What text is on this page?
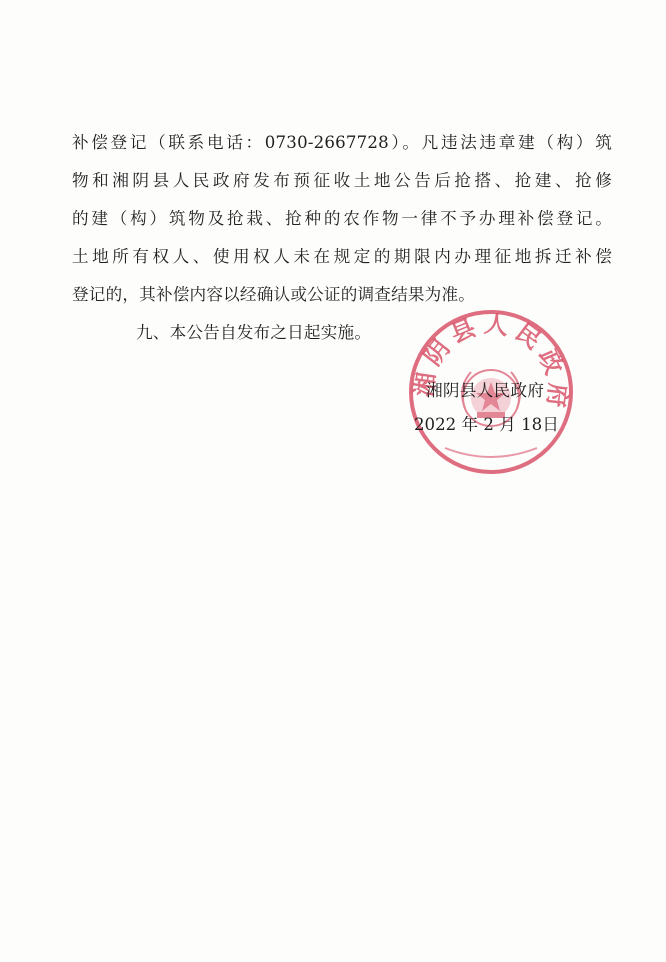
补偿登记（联系电话：0730-2667728）。凡违法违章建（构）筑
物和湘阴县人民政府发布预征收土地公告后抢搭、抢建、抢修
的建（构）筑物及抢栽、抢种的农作物一律不予办理补偿登记。
土地所有权人、使用权人未在规定的期限内办理征地拆迁补偿
登记的，其补偿内容以经确认或公证的调查结果为准。
九、本公告自发布之日起实施。
湘阴县人民政府
湘阴县人民政府
2022 年 2 月 18日
